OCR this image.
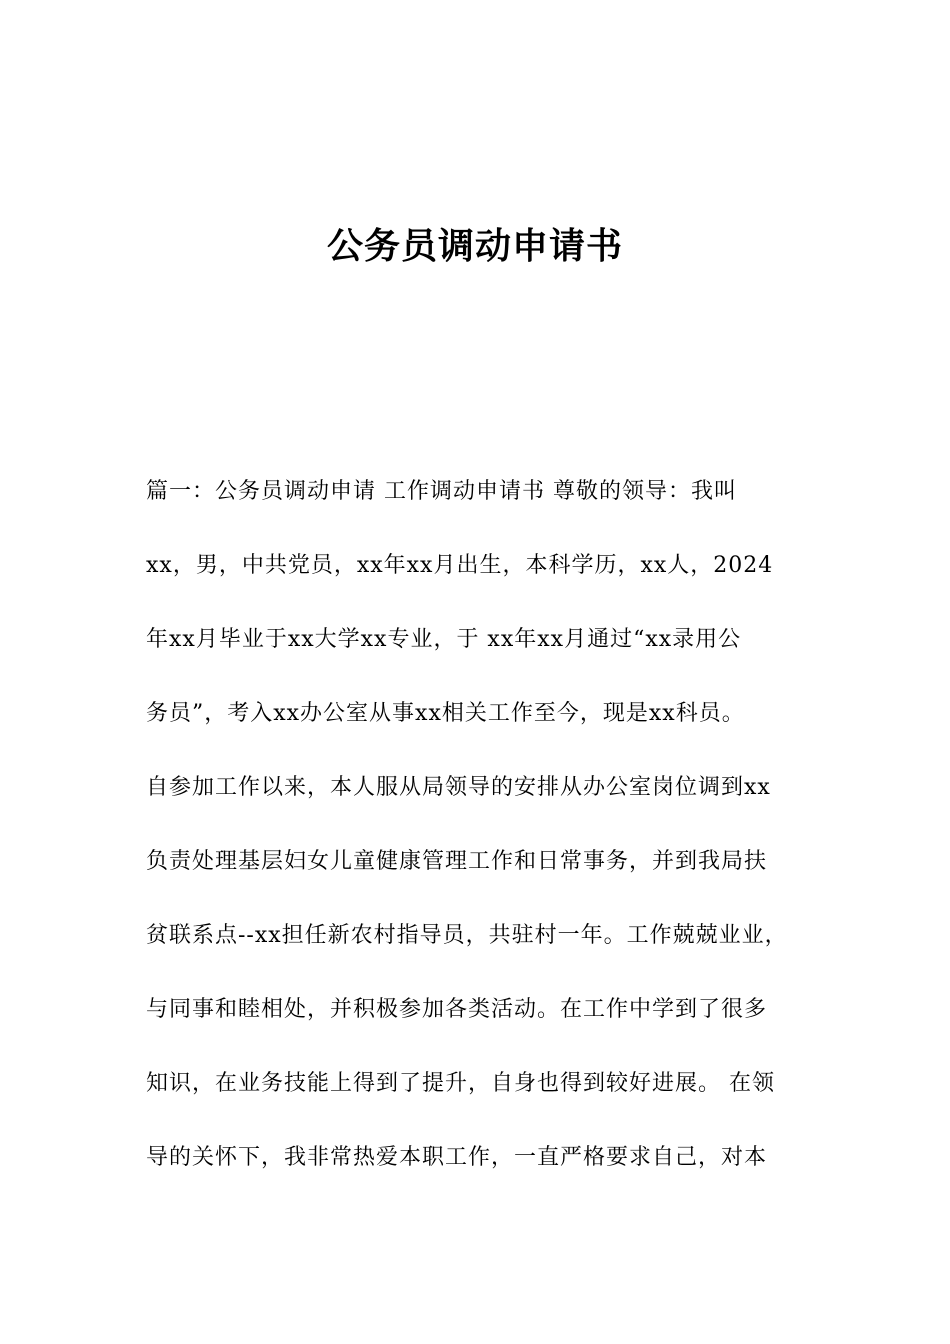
公务员调动申请书
篇一：公务员调动申请 工作调动申请书 尊敬的领导：我叫
xx，男，中共党员，xx年xx月出生，本科学历，xx人，2024
年xx月毕业于xx大学xx专业，于 xx年xx月通过“xx录用公
务员”，考入xx办公室从事xx相关工作至今，现是xx科员。
自参加工作以来，本人服从局领导的安排从办公室岗位调到xx
负责处理基层妇女儿童健康管理工作和日常事务，并到我局扶
贫联系点--xx担任新农村指导员，共驻村一年。工作兢兢业业，
与同事和睦相处，并积极参加各类活动。在工作中学到了很多
知识，在业务技能上得到了提升，自身也得到较好进展。 在领
导的关怀下，我非常热爱本职工作，一直严格要求自己，对本
